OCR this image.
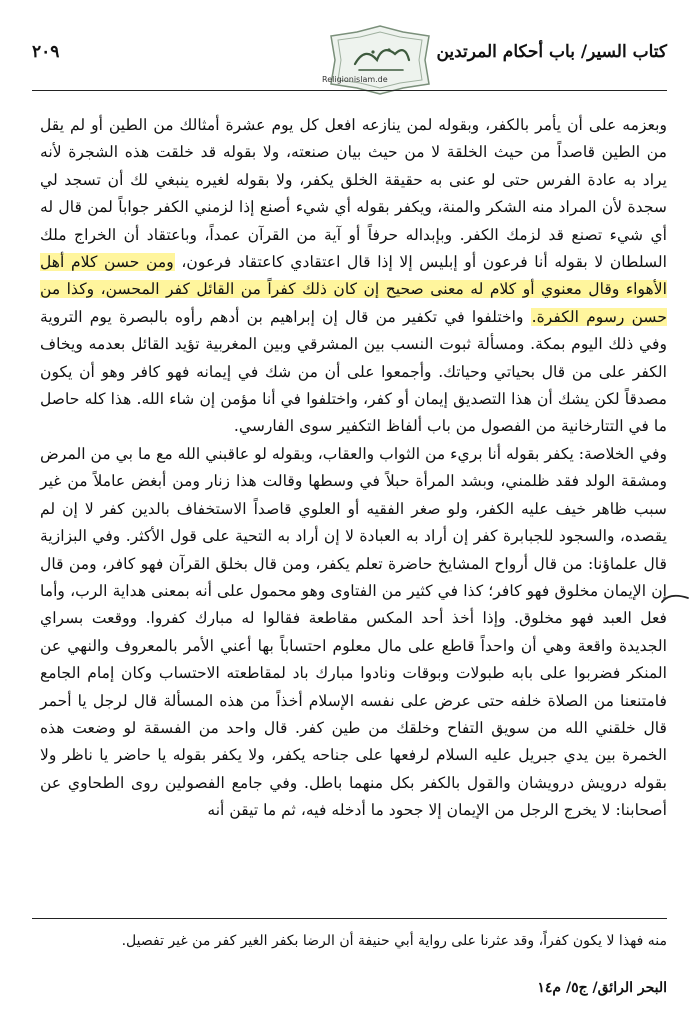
كتاب السير/ باب أحكام المرتدين
٢٠٩
Religionislam.de

وبعزمه على أن يأمر بالكفر، وبقوله لمن ينازعه افعل كل يوم عشرة أمثالك من الطين أو لم يقل من الطين قاصداً من حيث الخلقة لا من حيث بيان صنعته، ولا بقوله قد خلقت هذه الشجرة لأنه يراد به عادة الفرس حتى لو عنى به حقيقة الخلق يكفر، ولا بقوله لغيره ينبغي لك أن تسجد لي سجدة لأن المراد منه الشكر والمنة، ويكفر بقوله أي شيء أصنع إذا لزمني الكفر جواباً لمن قال له أي شيء تصنع قد لزمك الكفر. وبإبداله حرفاً أو آية من القرآن عمداً، وباعتقاد أن الخراج ملك السلطان لا بقوله أنا فرعون أو إبليس إلا إذا قال اعتقادي كاعتقاد فرعون، ومن حسن كلام أهل الأهواء وقال معنوي أو كلام له معنى صحيح إن كان ذلك كفراً من القائل كفر المحسن، وكذا من حسن رسوم الكفرة. واختلفوا في تكفير من قال إن إبراهيم بن أدهم رأوه بالبصرة يوم التروية وفي ذلك اليوم بمكة. ومسألة ثبوت النسب بين المشرقي وبين المغربية تؤيد القائل بعدمه ويخاف الكفر على من قال بحياتي وحياتك. وأجمعوا على أن من شك في إيمانه فهو كافر وهو أن يكون مصدقاً لكن يشك أن هذا التصديق إيمان أو كفر، واختلفوا في أنا مؤمن إن شاء الله. هذا كله حاصل ما في التتارخانية من الفصول من باب ألفاظ التكفير سوى الفارسي.

وفي الخلاصة: يكفر بقوله أنا بريء من الثواب والعقاب، وبقوله لو عاقبني الله مع ما بي من المرض ومشقة الولد فقد ظلمني، وبشد المرأة حبلاً في وسطها وقالت هذا زنار ومن أبغض عاملاً من غير سبب ظاهر خيف عليه الكفر، ولو صغر الفقيه أو العلوي قاصداً الاستخفاف بالدين كفر لا إن لم يقصده، والسجود للجبابرة كفر إن أراد به العبادة لا إن أراد به التحية على قول الأكثر. وفي البزازية قال علماؤنا: من قال أرواح المشايخ حاضرة تعلم يكفر، ومن قال بخلق القرآن فهو كافر، ومن قال إن الإيمان مخلوق فهو كافر؛ كذا في كثير من الفتاوى وهو محمول على أنه بمعنى هداية الرب، وأما فعل العبد فهو مخلوق. وإذا أخذ أحد المكس مقاطعة فقالوا له مبارك كفروا. ووقعت بسراي الجديدة واقعة وهي أن واحداً قاطع على مال معلوم احتساباً بها أعني الأمر بالمعروف والنهي عن المنكر فضربوا على بابه طبولات وبوقات ونادوا مبارك باد لمقاطعته الاحتساب وكان إمام الجامع فامتنعنا من الصلاة خلفه حتى عرض على نفسه الإسلام أخذاً من هذه المسألة قال لرجل يا أحمر قال خلقني الله من سويق التفاح وخلقك من طين كفر. قال واحد من الفسقة لو وضعت هذه الخمرة بين يدي جبريل عليه السلام لرفعها على جناحه يكفر، ولا يكفر بقوله يا حاضر يا ناظر ولا بقوله درويش درويشان والقول بالكفر بكل منهما باطل. وفي جامع الفصولين روى الطحاوي عن أصحابنا: لا يخرج الرجل من الإيمان إلا جحود ما أدخله فيه، ثم ما تيقن أنه

منه فهذا لا يكون كفراً، وقد عثرنا على رواية أبي حنيفة أن الرضا بكفر الغير كفر من غير تفصيل.
البحر الرائق/ ج٥/ م١٤
